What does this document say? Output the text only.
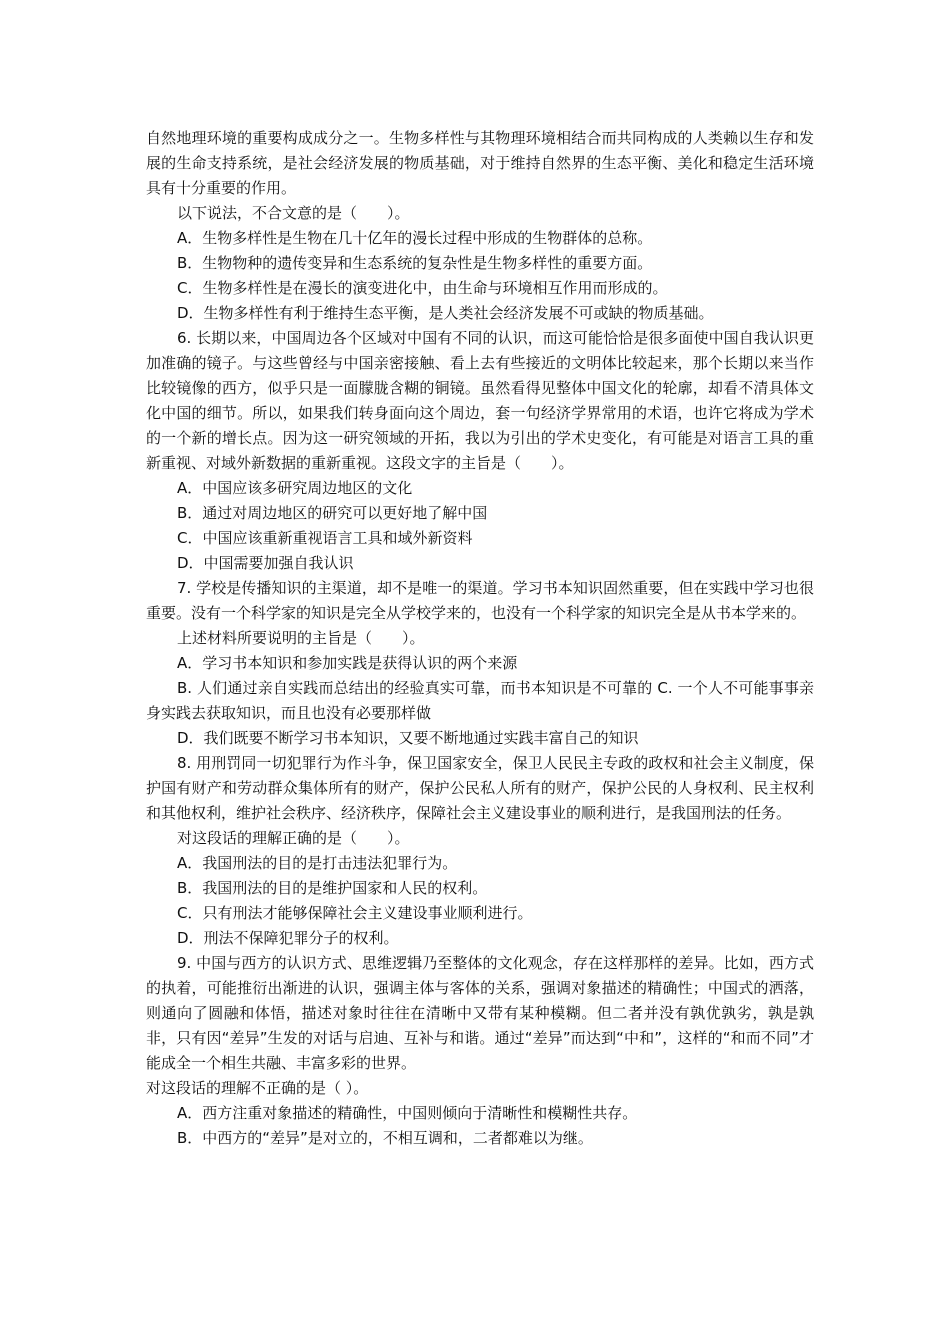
自然地理环境的重要构成成分之一。生物多样性与其物理环境相结合而共同构成的人类赖以生存和发展的生命支持系统，是社会经济发展的物质基础，对于维持自然界的生态平衡、美化和稳定生活环境具有十分重要的作用。

以下说法，不合文意的是（　　）。

A．生物多样性是生物在几十亿年的漫长过程中形成的生物群体的总称。

B．生物物种的遗传变异和生态系统的复杂性是生物多样性的重要方面。

C．生物多样性是在漫长的演变进化中，由生命与环境相互作用而形成的。

D．生物多样性有利于维持生态平衡，是人类社会经济发展不可或缺的物质基础。

6. 长期以来，中国周边各个区域对中国有不同的认识，而这可能恰恰是很多面使中国自我认识更加准确的镜子。与这些曾经与中国亲密接触、看上去有些接近的文明体比较起来，那个长期以来当作比较镜像的西方，似乎只是一面朦胧含糊的铜镜。虽然看得见整体中国文化的轮廓，却看不清具体文化中国的细节。所以，如果我们转身面向这个周边，套一句经济学界常用的术语，也许它将成为学术的一个新的增长点。因为这一研究领域的开拓，我以为引出的学术史变化，有可能是对语言工具的重新重视、对域外新数据的重新重视。这段文字的主旨是（　　）。

A．中国应该多研究周边地区的文化

B．通过对周边地区的研究可以更好地了解中国

C．中国应该重新重视语言工具和域外新资料

D．中国需要加强自我认识

7. 学校是传播知识的主渠道，却不是唯一的渠道。学习书本知识固然重要，但在实践中学习也很重要。没有一个科学家的知识是完全从学校学来的，也没有一个科学家的知识完全是从书本学来的。

上述材料所要说明的主旨是（　　）。

A．学习书本知识和参加实践是获得认识的两个来源

B. 人们通过亲自实践而总结出的经验真实可靠，而书本知识是不可靠的 C. 一个人不可能事事亲身实践去获取知识，而且也没有必要那样做

D．我们既要不断学习书本知识，又要不断地通过实践丰富自己的知识

8. 用刑罚同一切犯罪行为作斗争，保卫国家安全，保卫人民民主专政的政权和社会主义制度，保护国有财产和劳动群众集体所有的财产，保护公民私人所有的财产，保护公民的人身权利、民主权利和其他权利，维护社会秩序、经济秩序，保障社会主义建设事业的顺利进行，是我国刑法的任务。

对这段话的理解正确的是（　　）。

A．我国刑法的目的是打击违法犯罪行为。

B．我国刑法的目的是维护国家和人民的权利。

C．只有刑法才能够保障社会主义建设事业顺利进行。

D．刑法不保障犯罪分子的权利。

9. 中国与西方的认识方式、思维逻辑乃至整体的文化观念，存在这样那样的差异。比如，西方式的执着，可能推衍出渐进的认识，强调主体与客体的关系，强调对象描述的精确性；中国式的洒落，则通向了圆融和体悟，描述对象时往往在清晰中又带有某种模糊。但二者并没有孰优孰劣，孰是孰非，只有因“差异”生发的对话与启迪、互补与和谐。通过“差异”而达到“中和”，这样的“和而不同”才能成全一个相生共融、丰富多彩的世界。

对这段话的理解不正确的是（ ）。

A．西方注重对象描述的精确性，中国则倾向于清晰性和模糊性共存。

B．中西方的“差异”是对立的，不相互调和，二者都难以为继。
